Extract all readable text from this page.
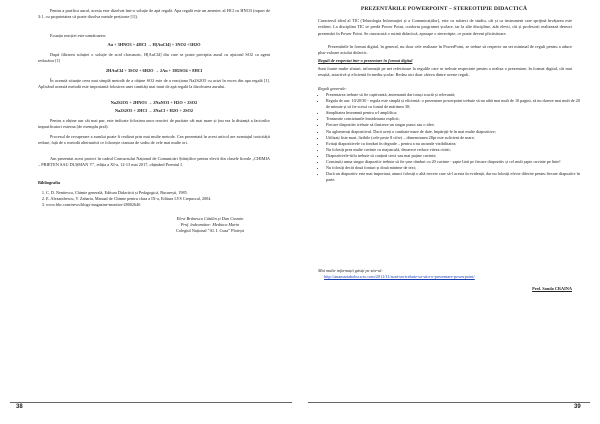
Pentru a purifica aurul, acesta este dizolvat într-o soluție de apă regală. Apa regală este un amestec al HCl cu HNO3 (raport de 3:1, cu proprietatea că poate dizolva metale prețioase [1]).

Ecuația reacției este următoarea:

Au + 3HNO3 + 4HCl → H[AuCl4] + 3NO2 +3H2O

După filtrarea soluției o soluție de acid cloroauric, H[AuCl4] din care se poate precipita aurul cu ajutorul SO2 ca agent reducător [1]

2HAuCl4 + 3SO2 + 6H2O → 2Au + 3H2SO4 + 8HCl

În această situație ceea mai simplă metodă de a obține SO2 este de a reacționa Na2S2O5 cu acizi în exces din apa regală [1]. Aplicând această metodă este importantă folosirea unei cantități mai mari de apă regală la dizolvarea aurului.

Na2S2O5 + 2HNO3 → 2NaNO3 + H2O + 2SO2

Na2S2O5 + 2HCl → 2NaCl + H2O + 2SO2

Pentru a obține aur cât mai pur, este indicate folosirea unor reactivi de puritate cât mai mare și (nu era la distanță a factorilor impurificatori externa (de exemplu praf).

Procesul de recuperare a aurului poate fi realizat prin mai multe metode. Cea prezentată în acest articol are avantajul toxicității reduse, față de o metodă alternativă ce folosește cianura de sodiu de cele mai multe ori.

Am prezentat acest proiect în cadrul Concursului Național de Comunicări Științifice pentru elevii din clasele liceale „CHIMIA – PRIETEN SAU DUȘMAN ?!", ediția a XI-a, 12-13 mai 2017, obținând Premiul I.

Bibliografia

1. C. D. Nenitescu, Chimie generală, Editura Didactică și Pedagogică, București, 1985.
2. E. Alexandrescu, V. Zaharia, Manual de Chimie pentru clasa a IX-a, Editura LVS Crepuscul, 2004.
3. www.bbc.com/news/blogs-magazine-monitor-28002646
Elevi Brânescu Cătălin și Dan Cosmin
Prof. îndrumător: Medinca Marin
Colegiul Național "Al. I. Cuza" Ploiești
38
PREZENTĂRILE POWERPOINT – STEREOTIPIE DIDACTICĂ

Caracterul ideal al TIC (Tehnologia Informației și a Comunicațiilor), este cu subiect de studiu, cât și ca instrument care sprijină învățarea este evident. La disciplina TIC se predă Power Point, conform programei școlare, iar la alte discipline, atât elevii, cât și profesorii realizează deseori prezentări în Power Point. Se cunoscută o rutină didactică, aproape o stereotipie, ce poate deveni plictisitoare.

Prezentările în format digital, în general, nu doar cele realizate în PowerPoint, se trebue să respecte un set minimal de reguli pentru a aduce plus-valoare actului didactic.

Reguli de respectat într-o prezentare în format digital

Sunt foarte multe sfaturi, informații pe net referitoare la regulile care se trebuie respectate pentru a realiza o prezentare, în format digital, cât mai reușită, atractivă și eficientă în mediu școlar. Redau aici doar câteva dintre aceste reguli.

Reguli generale:

• Prezentarea trebuie să fie captivantă, antrenantă dar totuși scurtă și relevantă;
• Regula de aur: 10/20/30 - regula este simplă și eficientă: o prezentare powerpoint trebuie să nu aibă mai mult de 10 pagini, să nu dureze mai mult de 20 de minute și să fie scrisă cu fontul de mărimea 30;
• Simplitatea înseamnă pentru a-l amplifica;
• Transmite conciziunile întotdeauna explicit;
• Fiecare diapozitiv trebuie să ilustreze un singur punct sau o idee;
• Nu aglomerați diapozitivul. Dacă aveți o cantitate mare de date, împărțiți-le în mai multe diapozitive;
• Utilizați liste mari, lizibile (cele peste 8 cifre) – dimensiunea 28pt este suficient de mare;
• Evitați diapozitivele cu fonduri în degrade – pentru a nu ascunde vizibilitatea;
• Nu folosiți prea multe cuvinte cu majusculă, deoarece reduce viteza citirii;
• Diapozitivele-titlu trebuie să conțină cinci sau mai puține cuvinte;
• Construiți urma singur diapozitiv trebuie să fie șase rânduri cu 20 cuvinte - șapte linii pe fiecare diapozitiv și cel mult șapte cuvinte pe linie!
• Nu folosiți decât două fonturi și două mărime de text;
• Dacă un diapozitiv este mai important, atunci folosiți o altă trecere care să-l acesta în evidență, dar nu folosiți efecte diferite pentru fiecare diapozitiv în parte.

Mai multe informații găsiți pe site-ul:

http://anamariabobu.wix.com/2011/11/sunt-un-trebuie-sa-stiu-o-prezentare-powerpoint/

Prof. Sanda CRAINA

39
